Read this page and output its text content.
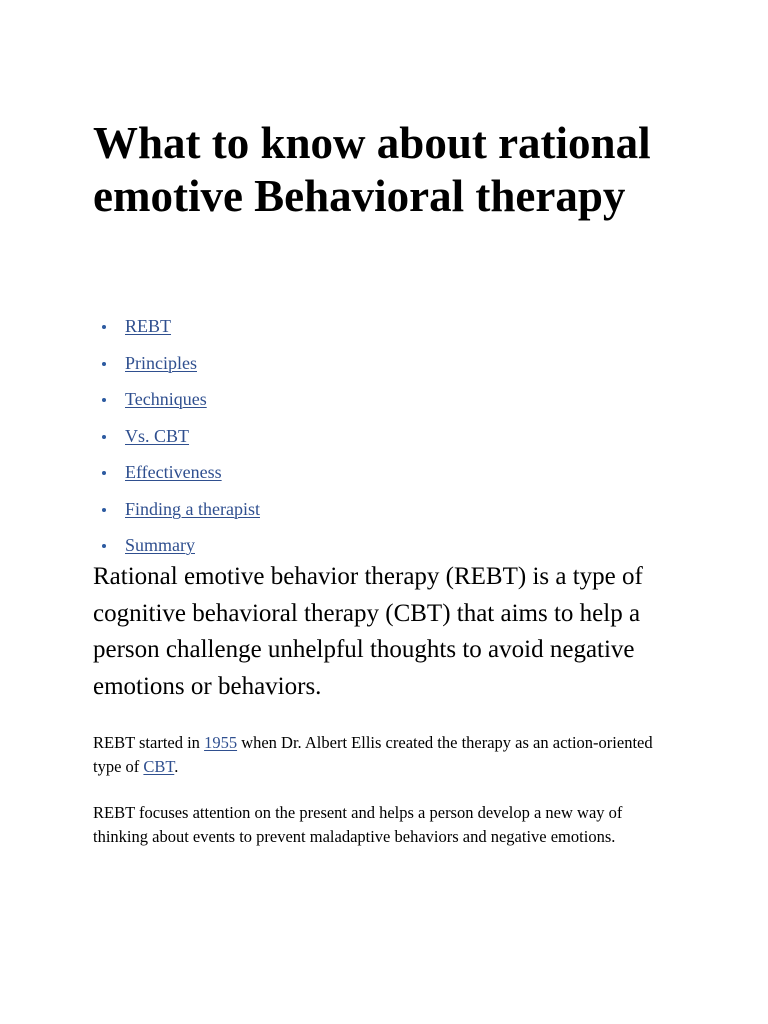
What to know about rational emotive Behavioral therapy
REBT
Principles
Techniques
Vs. CBT
Effectiveness
Finding a therapist
Summary

Rational emotive behavior therapy (REBT) is a type of cognitive behavioral therapy (CBT) that aims to help a person challenge unhelpful thoughts to avoid negative emotions or behaviors.

REBT started in 1955 when Dr. Albert Ellis created the therapy as an action-oriented type of CBT.

REBT focuses attention on the present and helps a person develop a new way of thinking about events to prevent maladaptive behaviors and negative emotions.
